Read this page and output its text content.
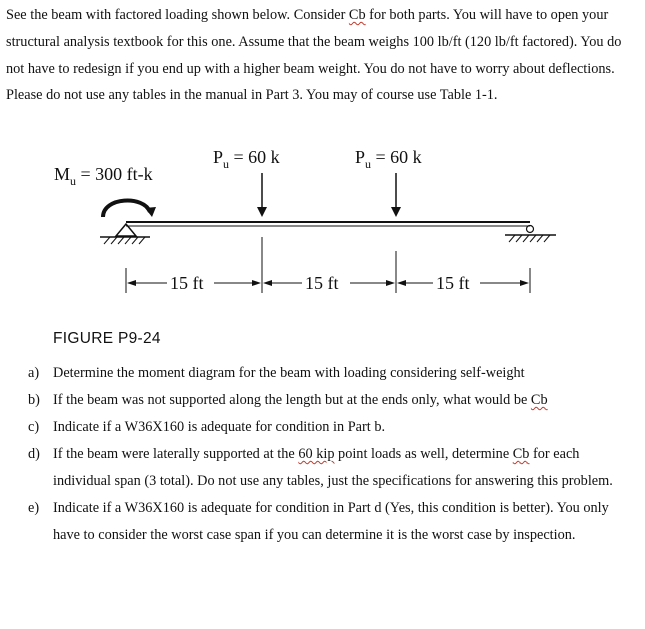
See the beam with factored loading shown below. Consider Cb for both parts. You will have to open your structural analysis textbook for this one. Assume that the beam weighs 100 lb/ft (120 lb/ft factored). You do not have to redesign if you end up with a higher beam weight. You do not have to worry about deflections. Please do not use any tables in the manual in Part 3. You may of course use Table 1-1.

$M_u = 300$ ft-k
$P_u = 60$ k	$P_u = 60$ k
15 ft	15 ft	15 ft
FIGURE P9-24
a) Determine the moment diagram for the beam with loading considering self-weight
b) If the beam was not supported along the length but at the ends only, what would be Cb
c) Indicate if a W36X160 is adequate for condition in Part b.
d) If the beam were laterally supported at the 60 kip point loads as well, determine Cb for each individual span (3 total). Do not use any tables, just the specifications for answering this problem.
e) Indicate if a W36X160 is adequate for condition in Part d (Yes, this condition is better). You only have to consider the worst case span if you can determine it is the worst case by inspection.
